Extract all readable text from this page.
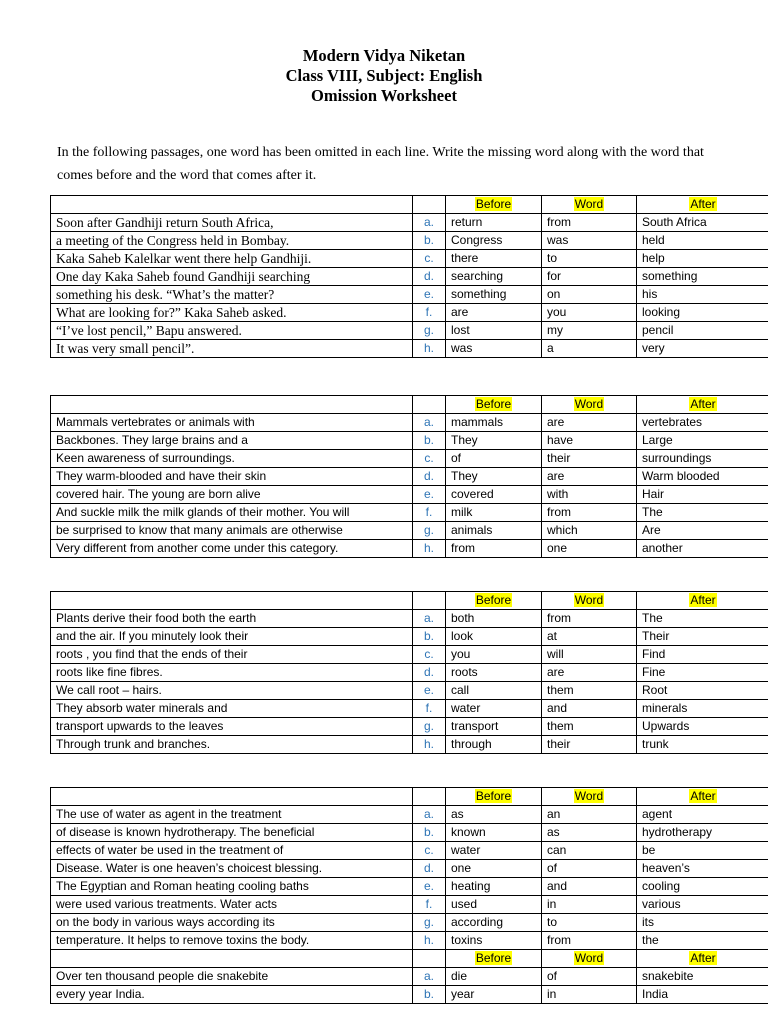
Modern Vidya Niketan
Class VIII, Subject: English
Omission Worksheet
In the following passages, one word has been omitted in each line. Write the missing word along with the word that comes before and the word that comes after it.
		Before	Word	After
Soon after Gandhiji return South Africa,	a.	return	from	South Africa
a meeting of the Congress held in Bombay.	b.	Congress	was	held
Kaka Saheb Kalelkar went there help Gandhiji.	c.	there	to	help
One day Kaka Saheb found Gandhiji searching	d.	searching	for	something
something his desk. “What’s the matter?	e.	something	on	his
What are looking for?” Kaka Saheb asked.	f.	are	you	looking
“I’ve lost pencil,” Bapu answered.	g.	lost	my	pencil
It was very small pencil”.	h.	was	a	very
		Before	Word	After
Mammals vertebrates or animals with	a.	mammals	are	vertebrates
Backbones. They large brains and a	b.	They	have	Large
Keen awareness of surroundings.	c.	of	their	surroundings
They warm-blooded and have their skin	d.	They	are	Warm blooded
covered hair. The young are born alive	e.	covered	with	Hair
And suckle milk the milk glands of their mother. You will	f.	milk	from	The
be surprised to know that many animals are otherwise	g.	animals	which	Are
Very different from another come under this category.	h.	from	one	another
		Before	Word	After
Plants derive their food both the earth	a.	both	from	The
and the air. If you minutely look their	b.	look	at	Their
roots , you find that the ends of their	c.	you	will	Find
roots like fine fibres.	d.	roots	are	Fine
We call root – hairs.	e.	call	them	Root
They absorb water minerals and	f.	water	and	minerals
transport upwards to the leaves	g.	transport	them	Upwards
Through trunk and branches.	h.	through	their	trunk
		Before	Word	After
The use of water as agent in the treatment	a.	as	an	agent
of disease is known hydrotherapy. The beneficial	b.	known	as	hydrotherapy
effects of water be used in the treatment of	c.	water	can	be
Disease. Water is one heaven’s choicest blessing.	d.	one	of	heaven’s
The Egyptian and Roman heating cooling baths	e.	heating	and	cooling
were used various treatments. Water acts	f.	used	in	various
on the body in various ways according its	g.	according	to	its
temperature. It helps to remove toxins the body.	h.	toxins	from	the
		Before	Word	After
Over ten thousand people die snakebite	a.	die	of	snakebite
every year India.	b.	year	in	India
